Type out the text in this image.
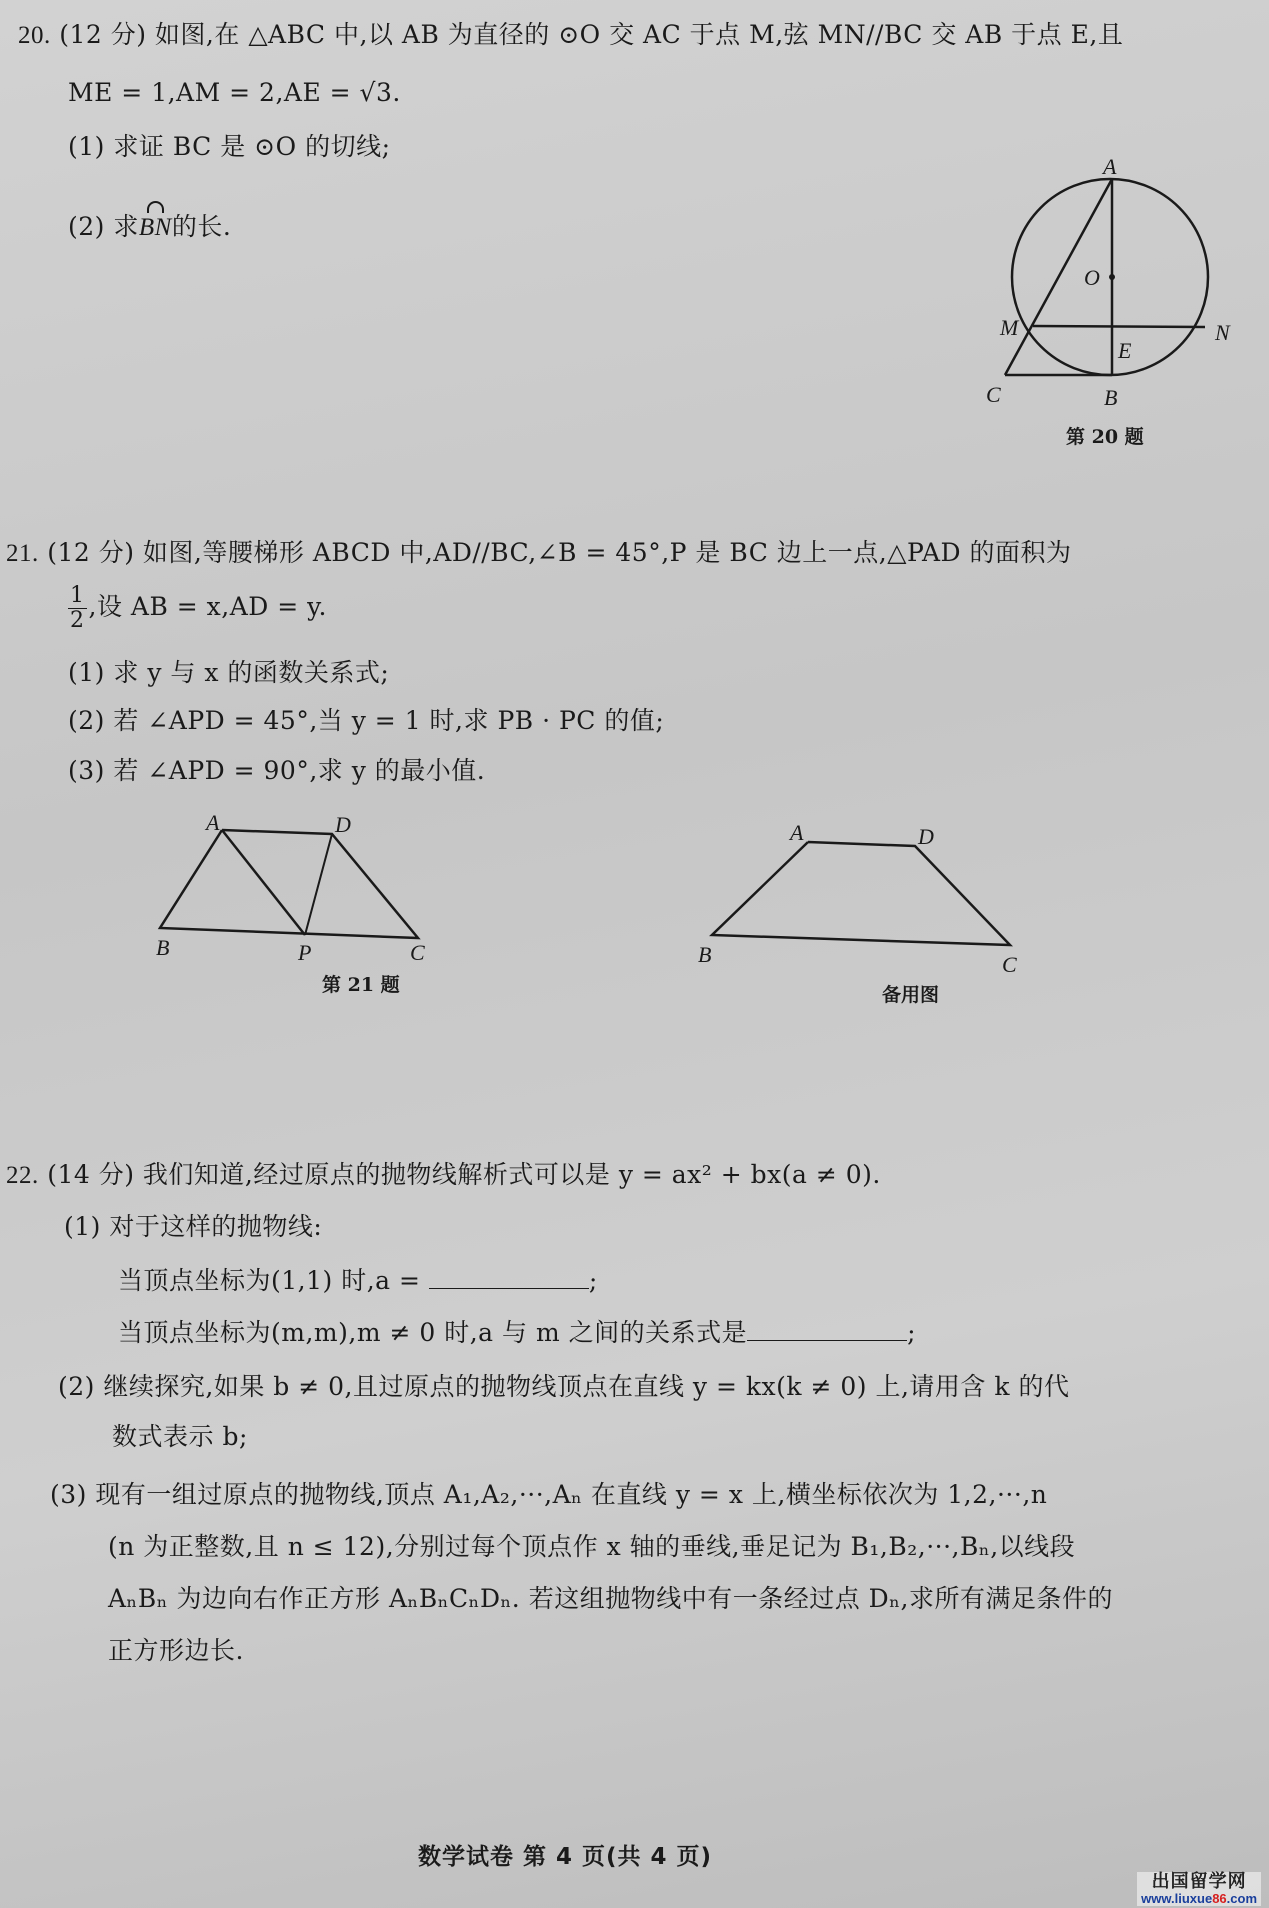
20. (12 分) 如图,在 △ABC 中,以 AB 为直径的 ⊙O 交 AC 于点 M,弦 MN//BC 交 AB 于点 E,且
ME = 1,AM = 2,AE = √3.
(1) 求证 BC 是 ⊙O 的切线;
(2) 求BN的长.
A
O
M
E
N
C	B
第 20 题
21. (12 分) 如图,等腰梯形 ABCD 中,AD//BC,∠B = 45°,P 是 BC 边上一点,△PAD 的面积为
$\frac{1}{2}$ ,设 AB = x,AD = y.
(1) 求 y 与 x 的函数关系式;
(2) 若 ∠APD = 45°,当 y = 1 时,求 PB · PC 的值;
(3) 若 ∠APD = 90°,求 y 的最小值.
A	D
B	P	C
第 21 题
A	D
B	C
备用图
22. (14 分) 我们知道,经过原点的抛物线解析式可以是 y = ax² + bx(a ≠ 0).
(1) 对于这样的抛物线:
当顶点坐标为(1,1) 时,a =	;
当顶点坐标为(m,m),m ≠ 0 时,a 与 m 之间的关系式是	;
(2) 继续探究,如果 b ≠ 0,且过原点的抛物线顶点在直线 y = kx(k ≠ 0) 上,请用含 k 的代
数式表示 b;
(3) 现有一组过原点的抛物线,顶点 A₁,A₂,···,Aₙ 在直线 y = x 上,横坐标依次为 1,2,···,n
(n 为正整数,且 n ≤ 12),分别过每个顶点作 x 轴的垂线,垂足记为 B₁,B₂,···,Bₙ,以线段
AₙBₙ 为边向右作正方形 AₙBₙCₙDₙ. 若这组抛物线中有一条经过点 Dₙ,求所有满足条件的
正方形边长.
数学试卷 第 4 页(共 4 页)
出国留学网
www.liuxue86.com
